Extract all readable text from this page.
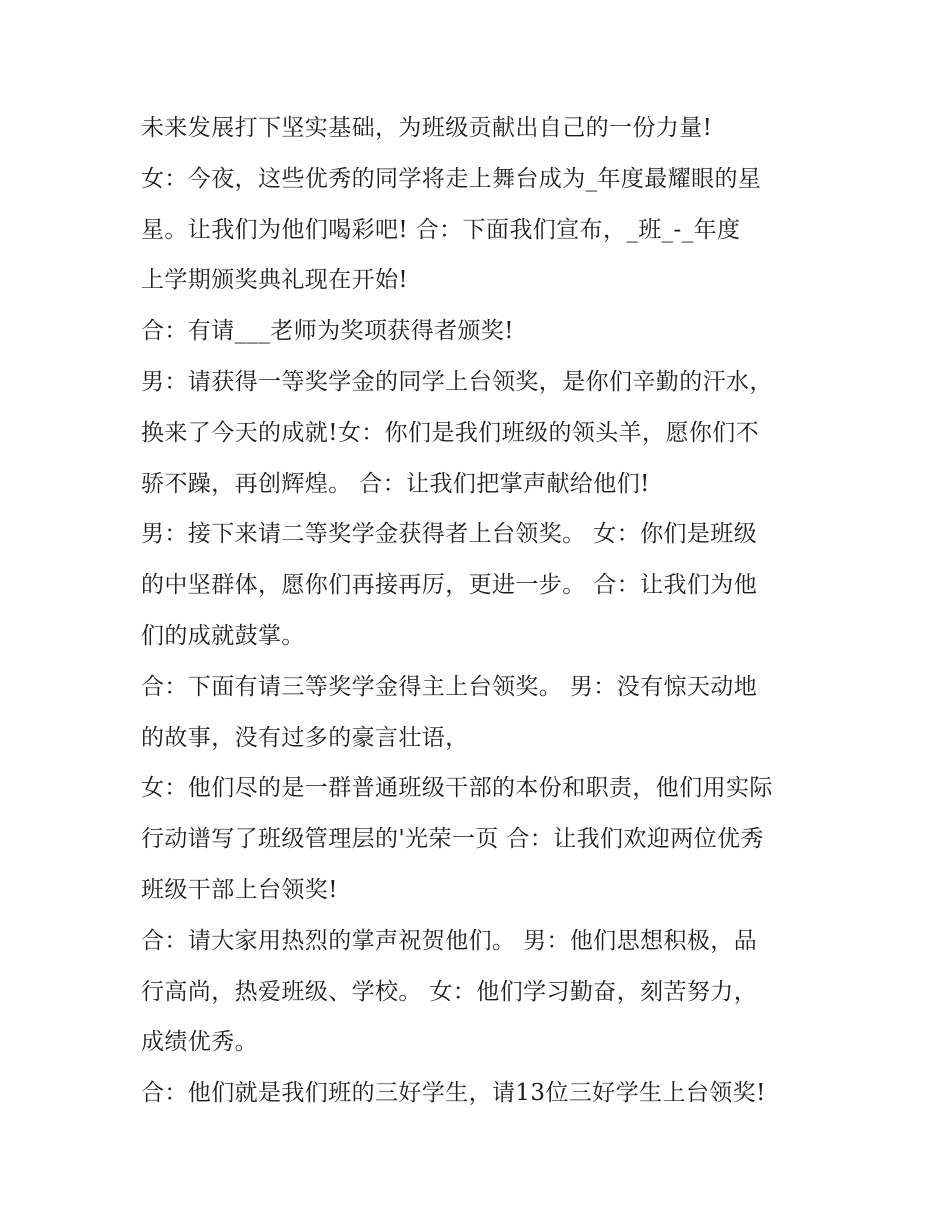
未来发展打下坚实基础，为班级贡献出自己的一份力量!
女：今夜，这些优秀的同学将走上舞台成为_年度最耀眼的星
星。让我们为他们喝彩吧! 合：下面我们宣布，_班_-_年度
上学期颁奖典礼现在开始!
合：有请___老师为奖项获得者颁奖!
男：请获得一等奖学金的同学上台领奖，是你们辛勤的汗水，
换来了今天的成就!女：你们是我们班级的领头羊，愿你们不
骄不躁，再创辉煌。 合：让我们把掌声献给他们!
男：接下来请二等奖学金获得者上台领奖。 女：你们是班级
的中坚群体，愿你们再接再厉，更进一步。 合：让我们为他
们的成就鼓掌。
合：下面有请三等奖学金得主上台领奖。 男：没有惊天动地
的故事，没有过多的豪言壮语，
女：他们尽的是一群普通班级干部的本份和职责，他们用实际
行动谱写了班级管理层的'光荣一页 合：让我们欢迎两位优秀
班级干部上台领奖!
合：请大家用热烈的掌声祝贺他们。 男：他们思想积极，品
行高尚，热爱班级、学校。 女：他们学习勤奋，刻苦努力，
成绩优秀。
合：他们就是我们班的三好学生，请13位三好学生上台领奖!
